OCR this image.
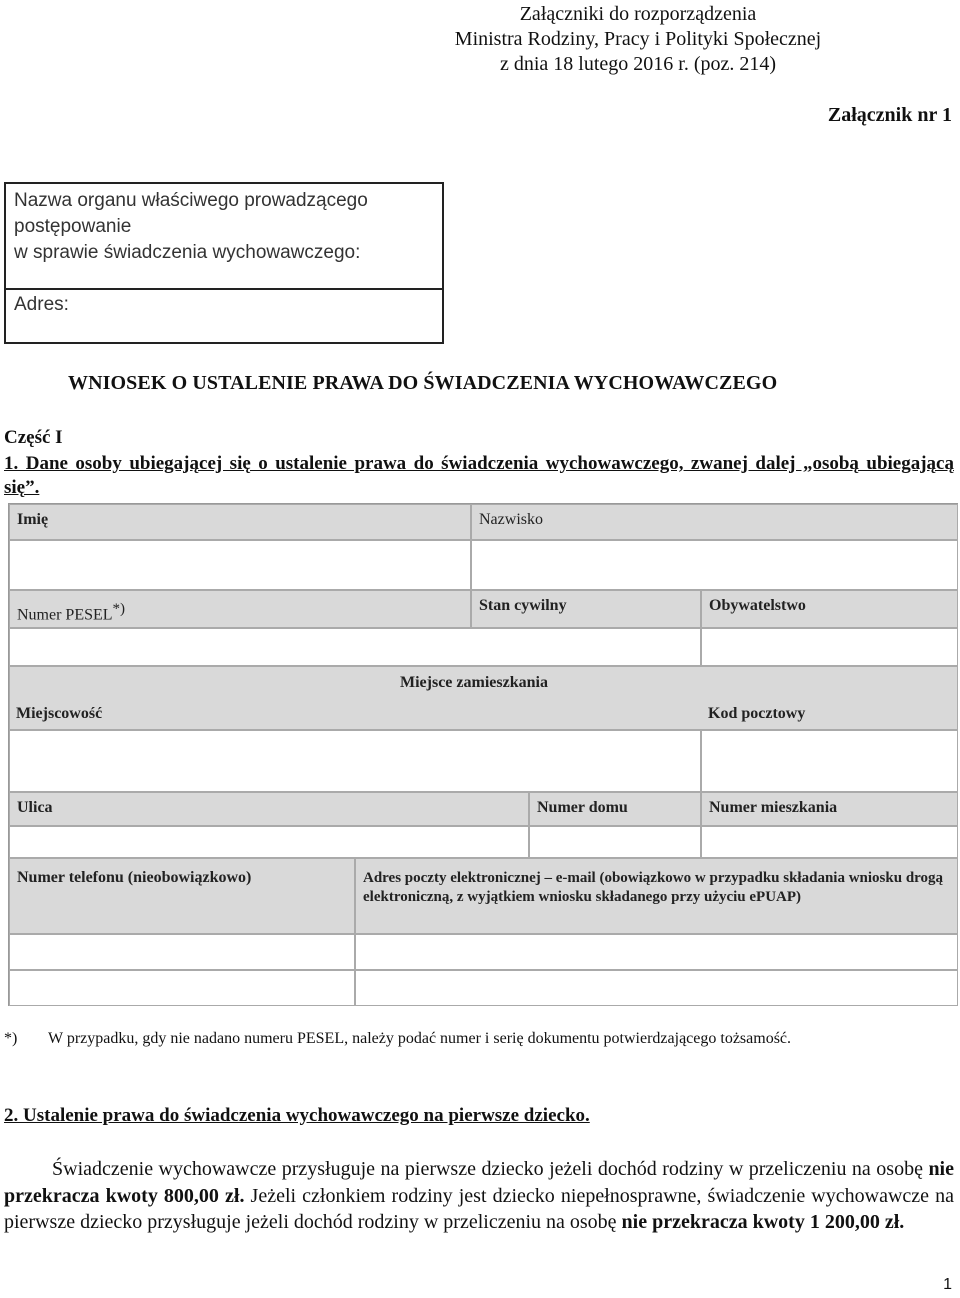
Załączniki do rozporządzenia
Ministra Rodziny, Pracy i Polityki Społecznej
z dnia 18 lutego 2016 r. (poz. 214)
Załącznik nr 1
Nazwa organu właściwego prowadzącego
postępowanie
w sprawie świadczenia wychowawczego:
Adres:
WNIOSEK O USTALENIE PRAWA DO ŚWIADCZENIA WYCHOWAWCZEGO
Część I
1. Dane osoby ubiegającej się o ustalenie prawa do świadczenia wychowawczego, zwanej dalej „osobą ubiegającą się”.
Imię	Nazwisko
Numer PESEL*)	Stan cywilny	Obywatelstwo
Miejsce zamieszkania
Miejscowość	Kod pocztowy
Ulica	Numer domu	Numer mieszkania
Numer telefonu (nieobowiązkowo)	Adres poczty elektronicznej – e-mail (obowiązkowo w przypadku składania wniosku drogą elektroniczną, z wyjątkiem wniosku składanego przy użyciu ePUAP)
*) W przypadku, gdy nie nadano numeru PESEL, należy podać numer i serię dokumentu potwierdzającego tożsamość.
2. Ustalenie prawa do świadczenia wychowawczego na pierwsze dziecko.
Świadczenie wychowawcze przysługuje na pierwsze dziecko jeżeli dochód rodziny w przeliczeniu na osobę nie przekracza kwoty 800,00 zł. Jeżeli członkiem rodziny jest dziecko niepełnosprawne, świadczenie wychowawcze na pierwsze dziecko przysługuje jeżeli dochód rodziny w przeliczeniu na osobę nie przekracza kwoty 1 200,00 zł.
1
